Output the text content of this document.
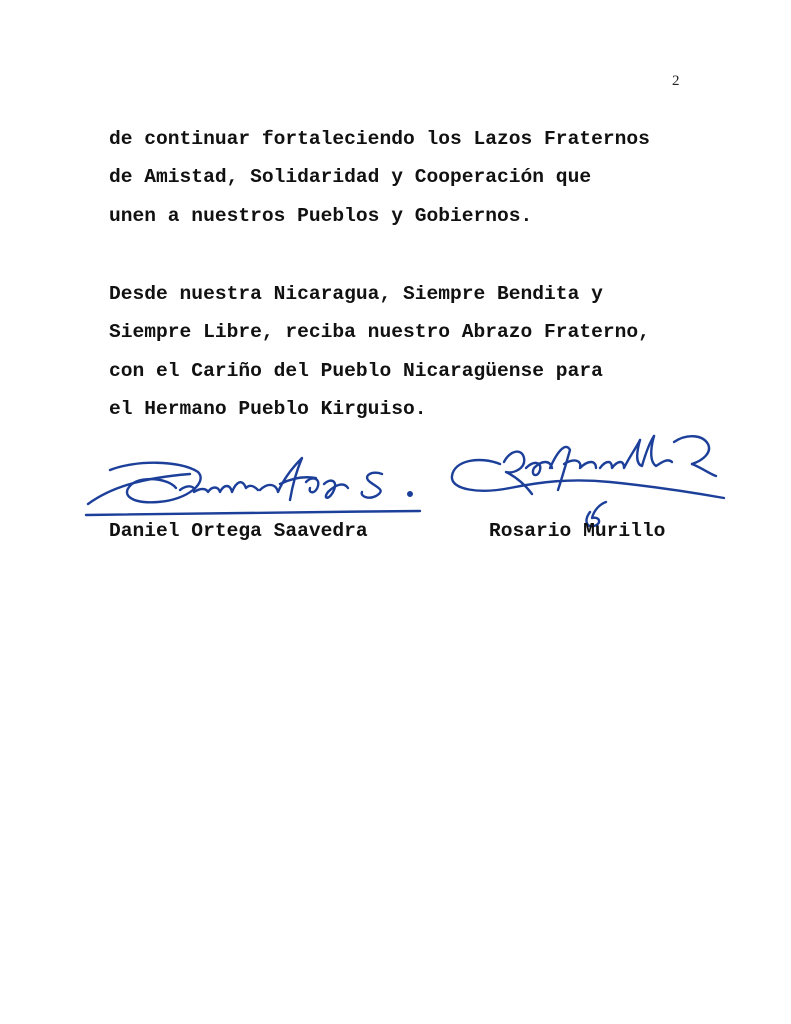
2
de continuar fortaleciendo los Lazos Fraternos
de Amistad, Solidaridad y Cooperación que
unen a nuestros Pueblos y Gobiernos.
Desde nuestra Nicaragua, Siempre Bendita y
Siempre Libre, reciba nuestro Abrazo Fraterno,
con el Cariño del Pueblo Nicaragüense para
el Hermano Pueblo Kirguiso.
Daniel Ortega Saavedra	Rosario Murillo
